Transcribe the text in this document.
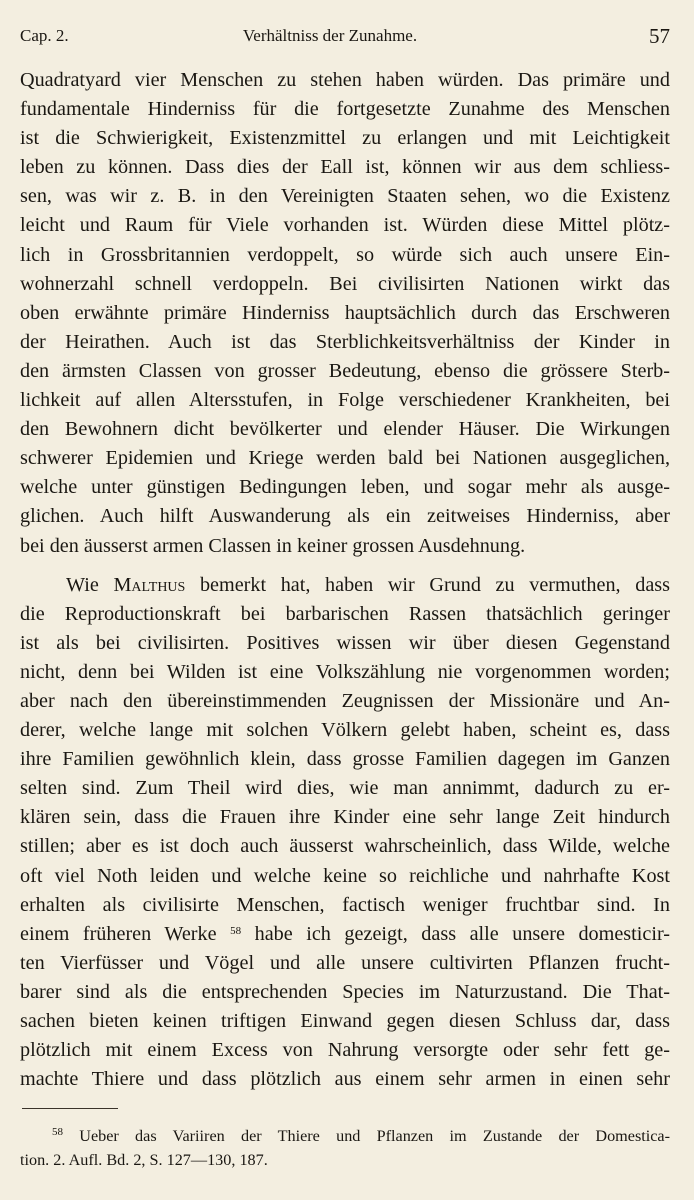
Cap. 2.	Verhältniss der Zunahme.	57
Quadratyard vier Menschen zu stehen haben würden. Das primäre und
fundamentale Hinderniss für die fortgesetzte Zunahme des Menschen
ist die Schwierigkeit, Existenzmittel zu erlangen und mit Leichtigkeit
leben zu können. Dass dies der Eall ist, können wir aus dem schliess-
sen, was wir z. B. in den Vereinigten Staaten sehen, wo die Existenz
leicht und Raum für Viele vorhanden ist. Würden diese Mittel plötz-
lich in Grossbritannien verdoppelt, so würde sich auch unsere Ein-
wohnerzahl schnell verdoppeln. Bei civilisirten Nationen wirkt das
oben erwähnte primäre Hinderniss hauptsächlich durch das Erschweren
der Heirathen. Auch ist das Sterblichkeitsverhältniss der Kinder in
den ärmsten Classen von grosser Bedeutung, ebenso die grössere Sterb-
lichkeit auf allen Altersstufen, in Folge verschiedener Krankheiten, bei
den Bewohnern dicht bevölkerter und elender Häuser. Die Wirkungen
schwerer Epidemien und Kriege werden bald bei Nationen ausgeglichen,
welche unter günstigen Bedingungen leben, und sogar mehr als ausge-
glichen. Auch hilft Auswanderung als ein zeitweises Hinderniss, aber
bei den äusserst armen Classen in keiner grossen Ausdehnung.
Wie Malthus bemerkt hat, haben wir Grund zu vermuthen, dass
die Reproductionskraft bei barbarischen Rassen thatsächlich geringer
ist als bei civilisirten. Positives wissen wir über diesen Gegenstand
nicht, denn bei Wilden ist eine Volkszählung nie vorgenommen worden;
aber nach den übereinstimmenden Zeugnissen der Missionäre und An-
derer, welche lange mit solchen Völkern gelebt haben, scheint es, dass
ihre Familien gewöhnlich klein, dass grosse Familien dagegen im Ganzen
selten sind. Zum Theil wird dies, wie man annimmt, dadurch zu er-
klären sein, dass die Frauen ihre Kinder eine sehr lange Zeit hindurch
stillen; aber es ist doch auch äusserst wahrscheinlich, dass Wilde, welche
oft viel Noth leiden und welche keine so reichliche und nahrhafte Kost
erhalten als civilisirte Menschen, factisch weniger fruchtbar sind. In
einem früheren Werke $^{58}$ habe ich gezeigt, dass alle unsere domesticir-
ten Vierfüsser und Vögel und alle unsere cultivirten Pflanzen frucht-
barer sind als die entsprechenden Species im Naturzustand. Die That-
sachen bieten keinen triftigen Einwand gegen diesen Schluss dar, dass
plötzlich mit einem Excess von Nahrung versorgte oder sehr fett ge-
machte Thiere und dass plötzlich aus einem sehr armen in einen sehr
$^{58}$ Ueber das Variiren der Thiere und Pflanzen im Zustande der Domestica-
tion. 2. Aufl. Bd. 2, S. 127—130, 187.
